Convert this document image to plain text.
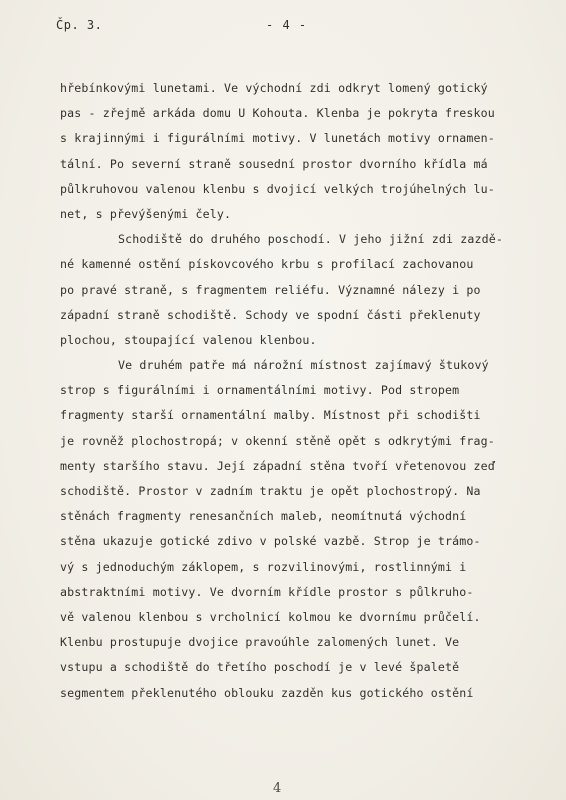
Čp. 3.	- 4 -
hřebínkovými lunetami. Ve východní zdi odkryt lomený gotický
pas - zřejmě arkáda domu U Kohouta. Klenba je pokryta freskou
s krajinnými i figurálními motivy. V lunetách motivy ornamen-
tální. Po severní straně sousední prostor dvorního křídla má
půlkruhovou valenou klenbu s dvojicí velkých trojúhelných lu-
net, s převýšenými čely.
Schodiště do druhého poschodí. V jeho jižní zdi zazdě-
né kamenné ostění pískovcového krbu s profilací zachovanou
po pravé straně, s fragmentem reliéfu. Významné nálezy i po
západní straně schodiště. Schody ve spodní části překlenuty
plochou, stoupající valenou klenbou.
Ve druhém patře má nárožní místnost zajímavý štukový
strop s figurálními i ornamentálními motivy. Pod stropem
fragmenty starší ornamentální malby. Místnost při schodišti
je rovněž plochostropá; v okenní stěně opět s odkrytými frag-
menty staršího stavu. Její západní stěna tvoří vřetenovou zeď
schodiště. Prostor v zadním traktu je opět plochostropý. Na
stěnách fragmenty renesančních maleb, neomítnutá východní
stěna ukazuje gotické zdivo v polské vazbě. Strop je trámo-
vý s jednoduchým záklopem, s rozvilinovými, rostlinnými i
abstraktními motivy. Ve dvorním křídle prostor s půlkruho-
vě valenou klenbou s vrcholnicí kolmou ke dvornímu průčelí.
Klenbu prostupuje dvojice pravoúhle zalomených lunet. Ve
vstupu a schodiště do třetího poschodí je v levé špaletě
segmentem překlenutého oblouku zazděn kus gotického ostění
4
